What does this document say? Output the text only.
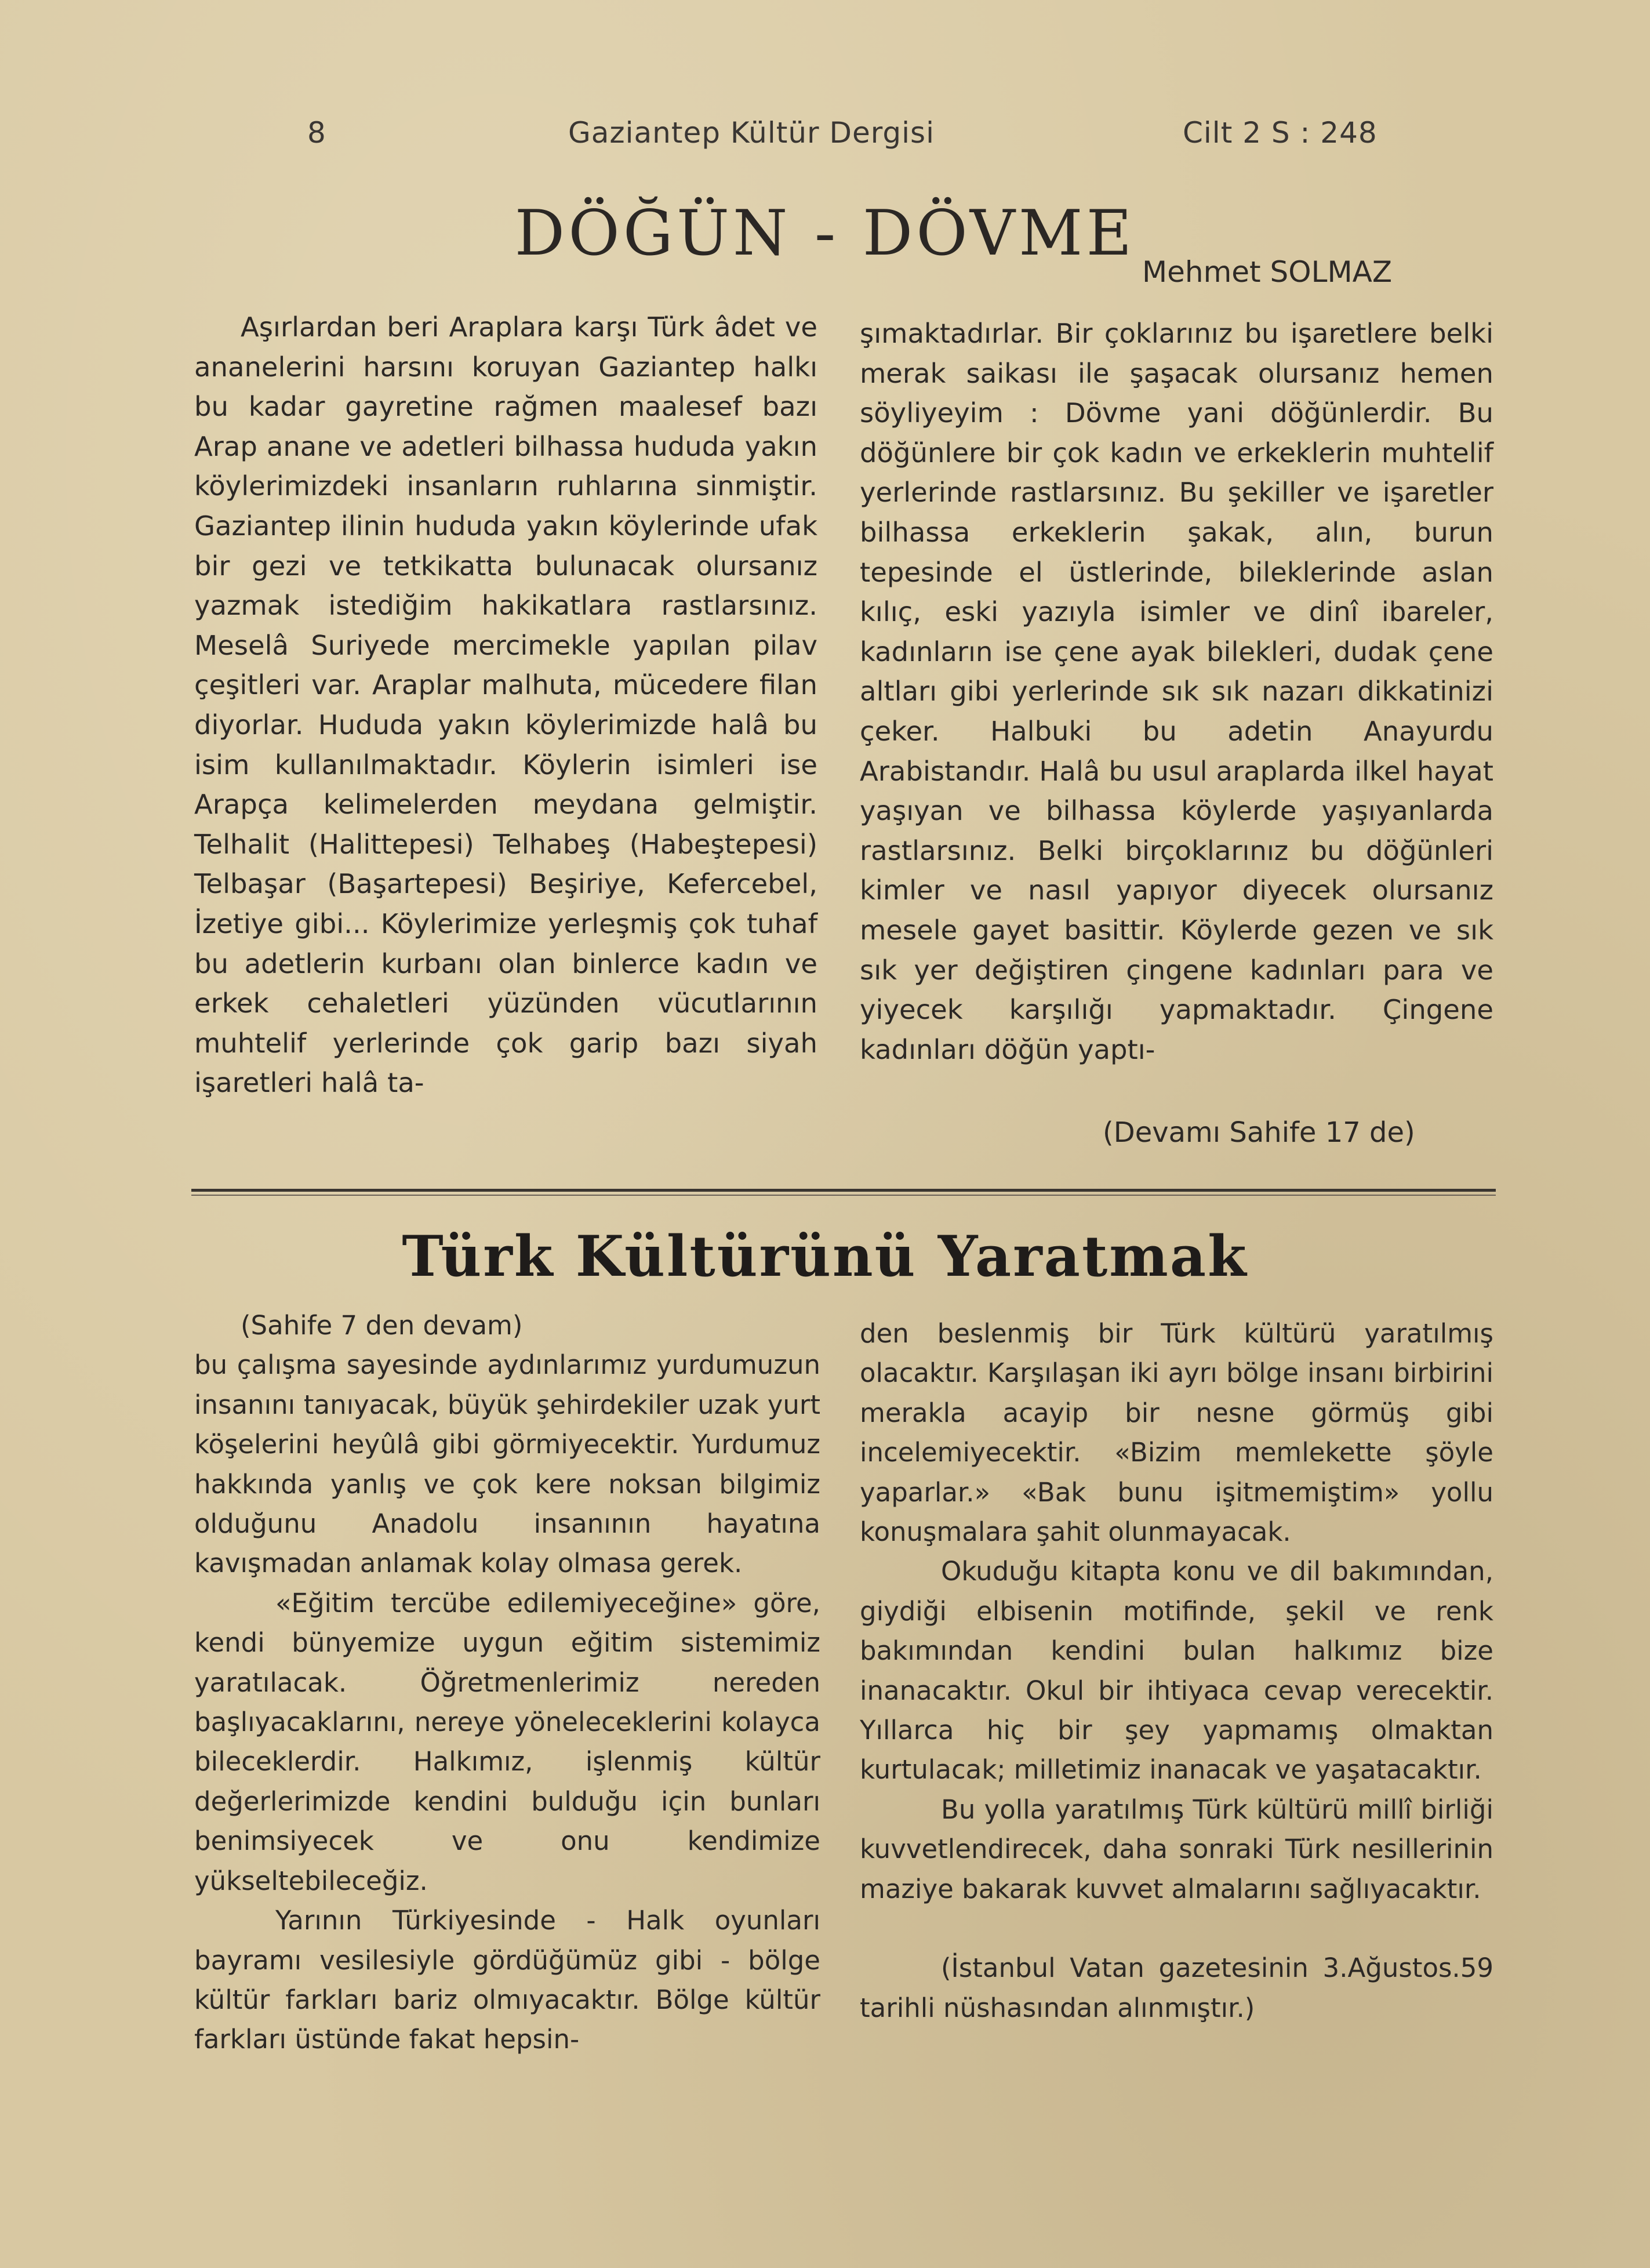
8	Gaziantep Kültür Dergisi	Cilt 2 S : 248
DÖĞÜN - DÖVME
Mehmet SOLMAZ

Aşırlardan beri Araplara karşı Türk âdet ve ananelerini harsını koruyan Gaziantep halkı bu kadar gayretine rağmen maalesef bazı Arap anane ve adetleri bilhassa hududa yakın köylerimizdeki insanların ruhlarına sinmiştir. Gaziantep ilinin hududa yakın köylerinde ufak bir gezi ve tetkikatta bulunacak olursanız yazmak istediğim hakikatlara rastlarsınız. Meselâ Suriyede mercimekle yapılan pilav çeşitleri var. Araplar malhuta, mücedere filan diyorlar. Hududa yakın köylerimizde halâ bu isim kullanılmaktadır. Köylerin isimleri ise Arapça kelimelerden meydana gelmiştir. Telhalit (Halittepesi) Telhabeş (Habeştepesi) Telbaşar (Başartepesi) Beşiriye, Kefercebel, İzetiye gibi... Köylerimize yerleşmiş çok tuhaf bu adetlerin kurbanı olan binlerce kadın ve erkek cehaletleri yüzünden vücutlarının muhtelif yerlerinde çok garip bazı siyah işaretleri halâ ta-

şımaktadırlar. Bir çoklarınız bu işaretlere belki merak saikası ile şaşacak olursanız hemen söyliyeyim : Dövme yani döğünlerdir. Bu döğünlere bir çok kadın ve erkeklerin muhtelif yerlerinde rastlarsınız. Bu şekiller ve işaretler bilhassa erkeklerin şakak, alın, burun tepesinde el üstlerinde, bileklerinde aslan kılıç, eski yazıyla isimler ve dinî ibareler, kadınların ise çene ayak bilekleri, dudak çene altları gibi yerlerinde sık sık nazarı dikkatinizi çeker. Halbuki bu adetin Anayurdu Arabistandır. Halâ bu usul araplarda ilkel hayat yaşıyan ve bilhassa köylerde yaşıyanlarda rastlarsınız. Belki birçoklarınız bu döğünleri kimler ve nasıl yapıyor diyecek olursanız mesele gayet basittir. Köylerde gezen ve sık sık yer değiştiren çingene kadınları para ve yiyecek karşılığı yapmaktadır. Çingene kadınları döğün yaptı-

(Devamı Sahife 17 de)
Türk Kültürünü Yaratmak

(Sahife 7 den devam)

bu çalışma sayesinde aydınlarımız yurdumuzun insanını tanıyacak, büyük şehirdekiler uzak yurt köşelerini heyûlâ gibi görmiyecektir. Yurdumuz hakkında yanlış ve çok kere noksan bilgimiz olduğunu Anadolu insanının hayatına kavışmadan anlamak kolay olmasa gerek.

«Eğitim tercübe edilemiyeceğine» göre, kendi bünyemize uygun eğitim sistemimiz yaratılacak. Öğretmenlerimiz nereden başlıyacaklarını, nereye yöneleceklerini kolayca bileceklerdir. Halkımız, işlenmiş kültür değerlerimizde kendini bulduğu için bunları benimsiyecek ve onu kendimize yükseltebileceğiz.

Yarının Türkiyesinde - Halk oyunları bayramı vesilesiyle gördüğümüz gibi - bölge kültür farkları bariz olmıyacaktır. Bölge kültür farkları üstünde fakat hepsin-

den beslenmiş bir Türk kültürü yaratılmış olacaktır. Karşılaşan iki ayrı bölge insanı birbirini merakla acayip bir nesne görmüş gibi incelemiyecektir. «Bizim memlekette şöyle yaparlar.» «Bak bunu işitmemiştim» yollu konuşmalara şahit olunmayacak.

Okuduğu kitapta konu ve dil bakımından, giydiği elbisenin motifinde, şekil ve renk bakımından kendini bulan halkımız bize inanacaktır. Okul bir ihtiyaca cevap verecektir. Yıllarca hiç bir şey yapmamış olmaktan kurtulacak; milletimiz inanacak ve yaşatacaktır.

Bu yolla yaratılmış Türk kültürü millî birliği kuvvetlendirecek, daha sonraki Türk nesillerinin maziye bakarak kuvvet almalarını sağlıyacaktır.

(İstanbul Vatan gazetesinin 3.Ağustos.59 tarihli nüshasından alınmıştır.)
